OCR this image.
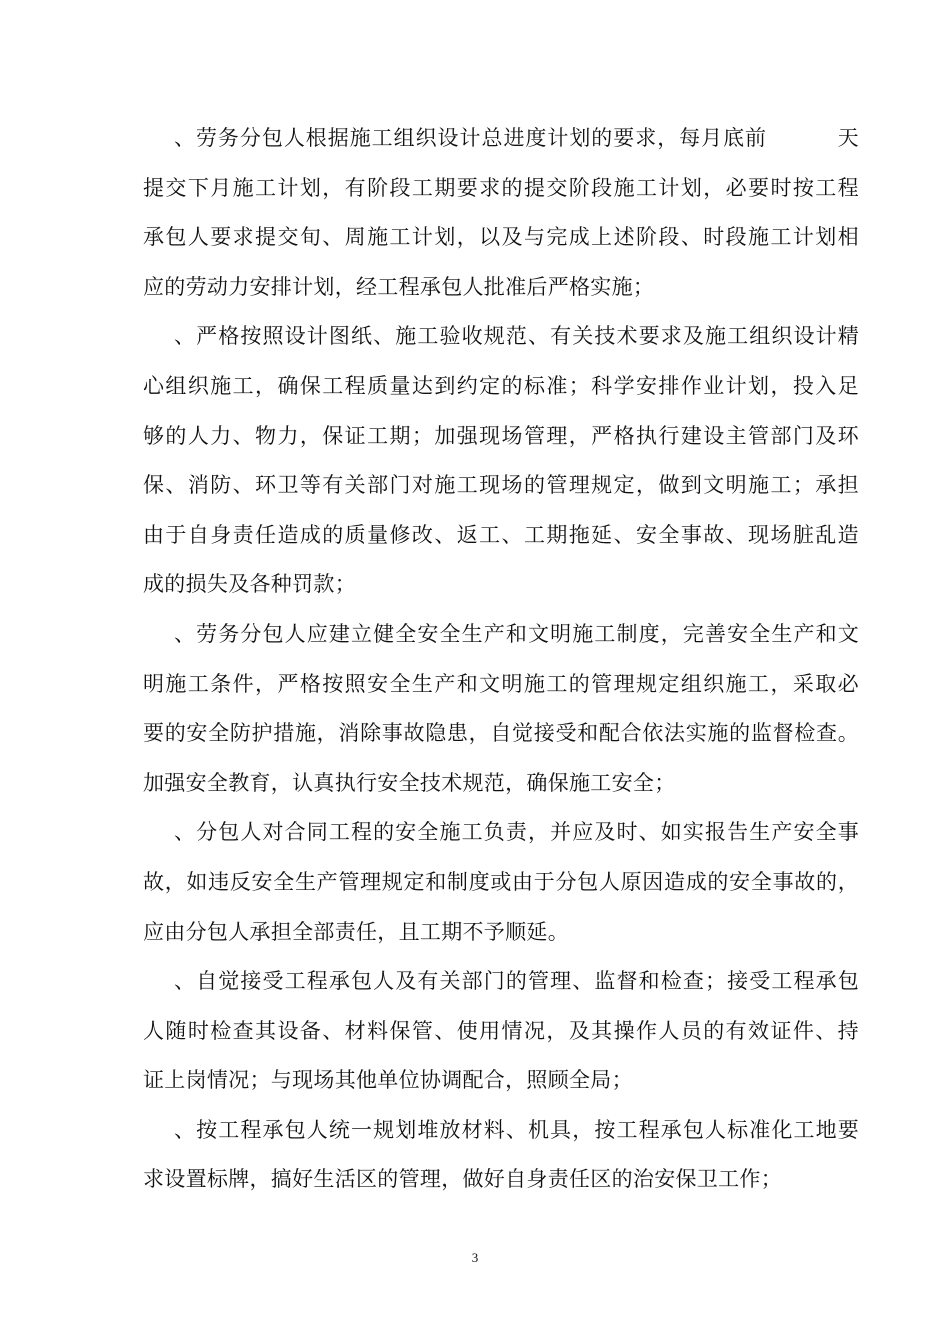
、劳务分包人根据施工组织设计总进度计划的要求，每月底前	天
提交下月施工计划，有阶段工期要求的提交阶段施工计划，必要时按工程
承包人要求提交旬、周施工计划，以及与完成上述阶段、时段施工计划相
应的劳动力安排计划，经工程承包人批准后严格实施；
、严格按照设计图纸、施工验收规范、有关技术要求及施工组织设计精
心组织施工，确保工程质量达到约定的标准；科学安排作业计划，投入足
够的人力、物力，保证工期；加强现场管理，严格执行建设主管部门及环
保、消防、环卫等有关部门对施工现场的管理规定，做到文明施工；承担
由于自身责任造成的质量修改、返工、工期拖延、安全事故、现场脏乱造
成的损失及各种罚款；
、劳务分包人应建立健全安全生产和文明施工制度，完善安全生产和文
明施工条件，严格按照安全生产和文明施工的管理规定组织施工，采取必
要的安全防护措施，消除事故隐患，自觉接受和配合依法实施的监督检查。
加强安全教育，认真执行安全技术规范，确保施工安全；
、分包人对合同工程的安全施工负责，并应及时、如实报告生产安全事
故，如违反安全生产管理规定和制度或由于分包人原因造成的安全事故的，
应由分包人承担全部责任，且工期不予顺延。
、自觉接受工程承包人及有关部门的管理、监督和检查；接受工程承包
人随时检查其设备、材料保管、使用情况，及其操作人员的有效证件、持
证上岗情况；与现场其他单位协调配合，照顾全局；
、按工程承包人统一规划堆放材料、机具，按工程承包人标准化工地要
求设置标牌，搞好生活区的管理，做好自身责任区的治安保卫工作；
3
